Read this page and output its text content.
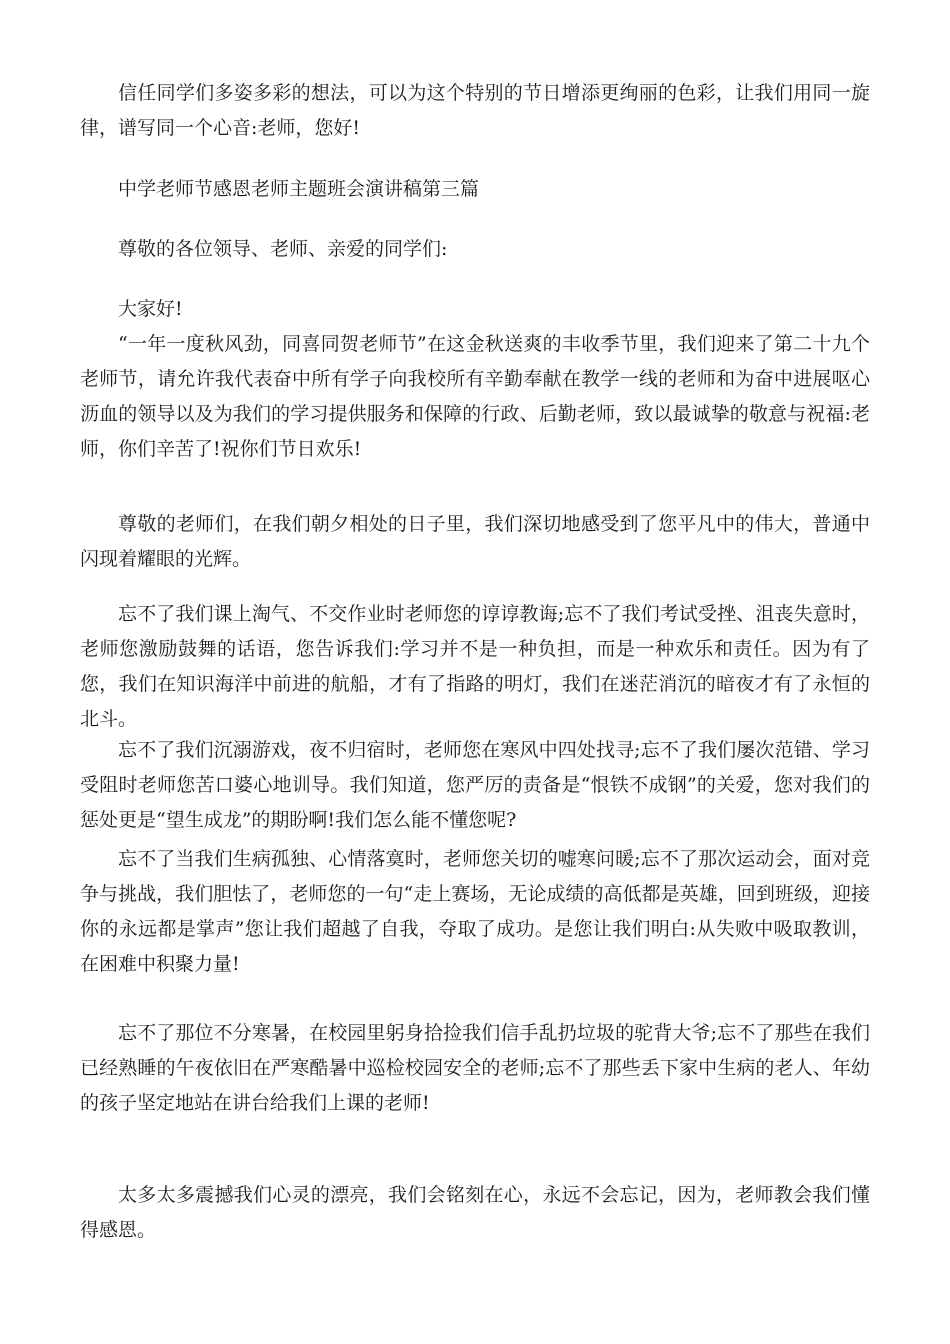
信任同学们多姿多彩的想法，可以为这个特别的节日增添更绚丽的色彩，让我们用同一旋律，谱写同一个心音:老师，您好!

中学老师节感恩老师主题班会演讲稿第三篇

尊敬的各位领导、老师、亲爱的同学们:

大家好!

“一年一度秋风劲，同喜同贺老师节”在这金秋送爽的丰收季节里，我们迎来了第二十九个老师节，请允许我代表奋中所有学子向我校所有辛勤奉献在教学一线的老师和为奋中进展呕心沥血的领导以及为我们的学习提供服务和保障的行政、后勤老师，致以最诚挚的敬意与祝福:老师，你们辛苦了!祝你们节日欢乐!

尊敬的老师们，在我们朝夕相处的日子里，我们深切地感受到了您平凡中的伟大，普通中闪现着耀眼的光辉。

忘不了我们课上淘气、不交作业时老师您的谆谆教诲;忘不了我们考试受挫、沮丧失意时，老师您激励鼓舞的话语，您告诉我们:学习并不是一种负担，而是一种欢乐和责任。因为有了您，我们在知识海洋中前进的航船，才有了指路的明灯，我们在迷茫消沉的暗夜才有了永恒的北斗。

忘不了我们沉溺游戏，夜不归宿时，老师您在寒风中四处找寻;忘不了我们屡次范错、学习受阻时老师您苦口婆心地训导。我们知道，您严厉的责备是“恨铁不成钢”的关爱，您对我们的惩处更是“望生成龙”的期盼啊!我们怎么能不懂您呢?

忘不了当我们生病孤独、心情落寞时，老师您关切的嘘寒问暖;忘不了那次运动会，面对竞争与挑战，我们胆怯了，老师您的一句“走上赛场，无论成绩的高低都是英雄，回到班级，迎接你的永远都是掌声”您让我们超越了自我，夺取了成功。是您让我们明白:从失败中吸取教训，在困难中积聚力量!

忘不了那位不分寒暑，在校园里躬身拾捡我们信手乱扔垃圾的驼背大爷;忘不了那些在我们已经熟睡的午夜依旧在严寒酷暑中巡检校园安全的老师;忘不了那些丢下家中生病的老人、年幼的孩子坚定地站在讲台给我们上课的老师!

太多太多震撼我们心灵的漂亮，我们会铭刻在心，永远不会忘记，因为，老师教会我们懂得感恩。
